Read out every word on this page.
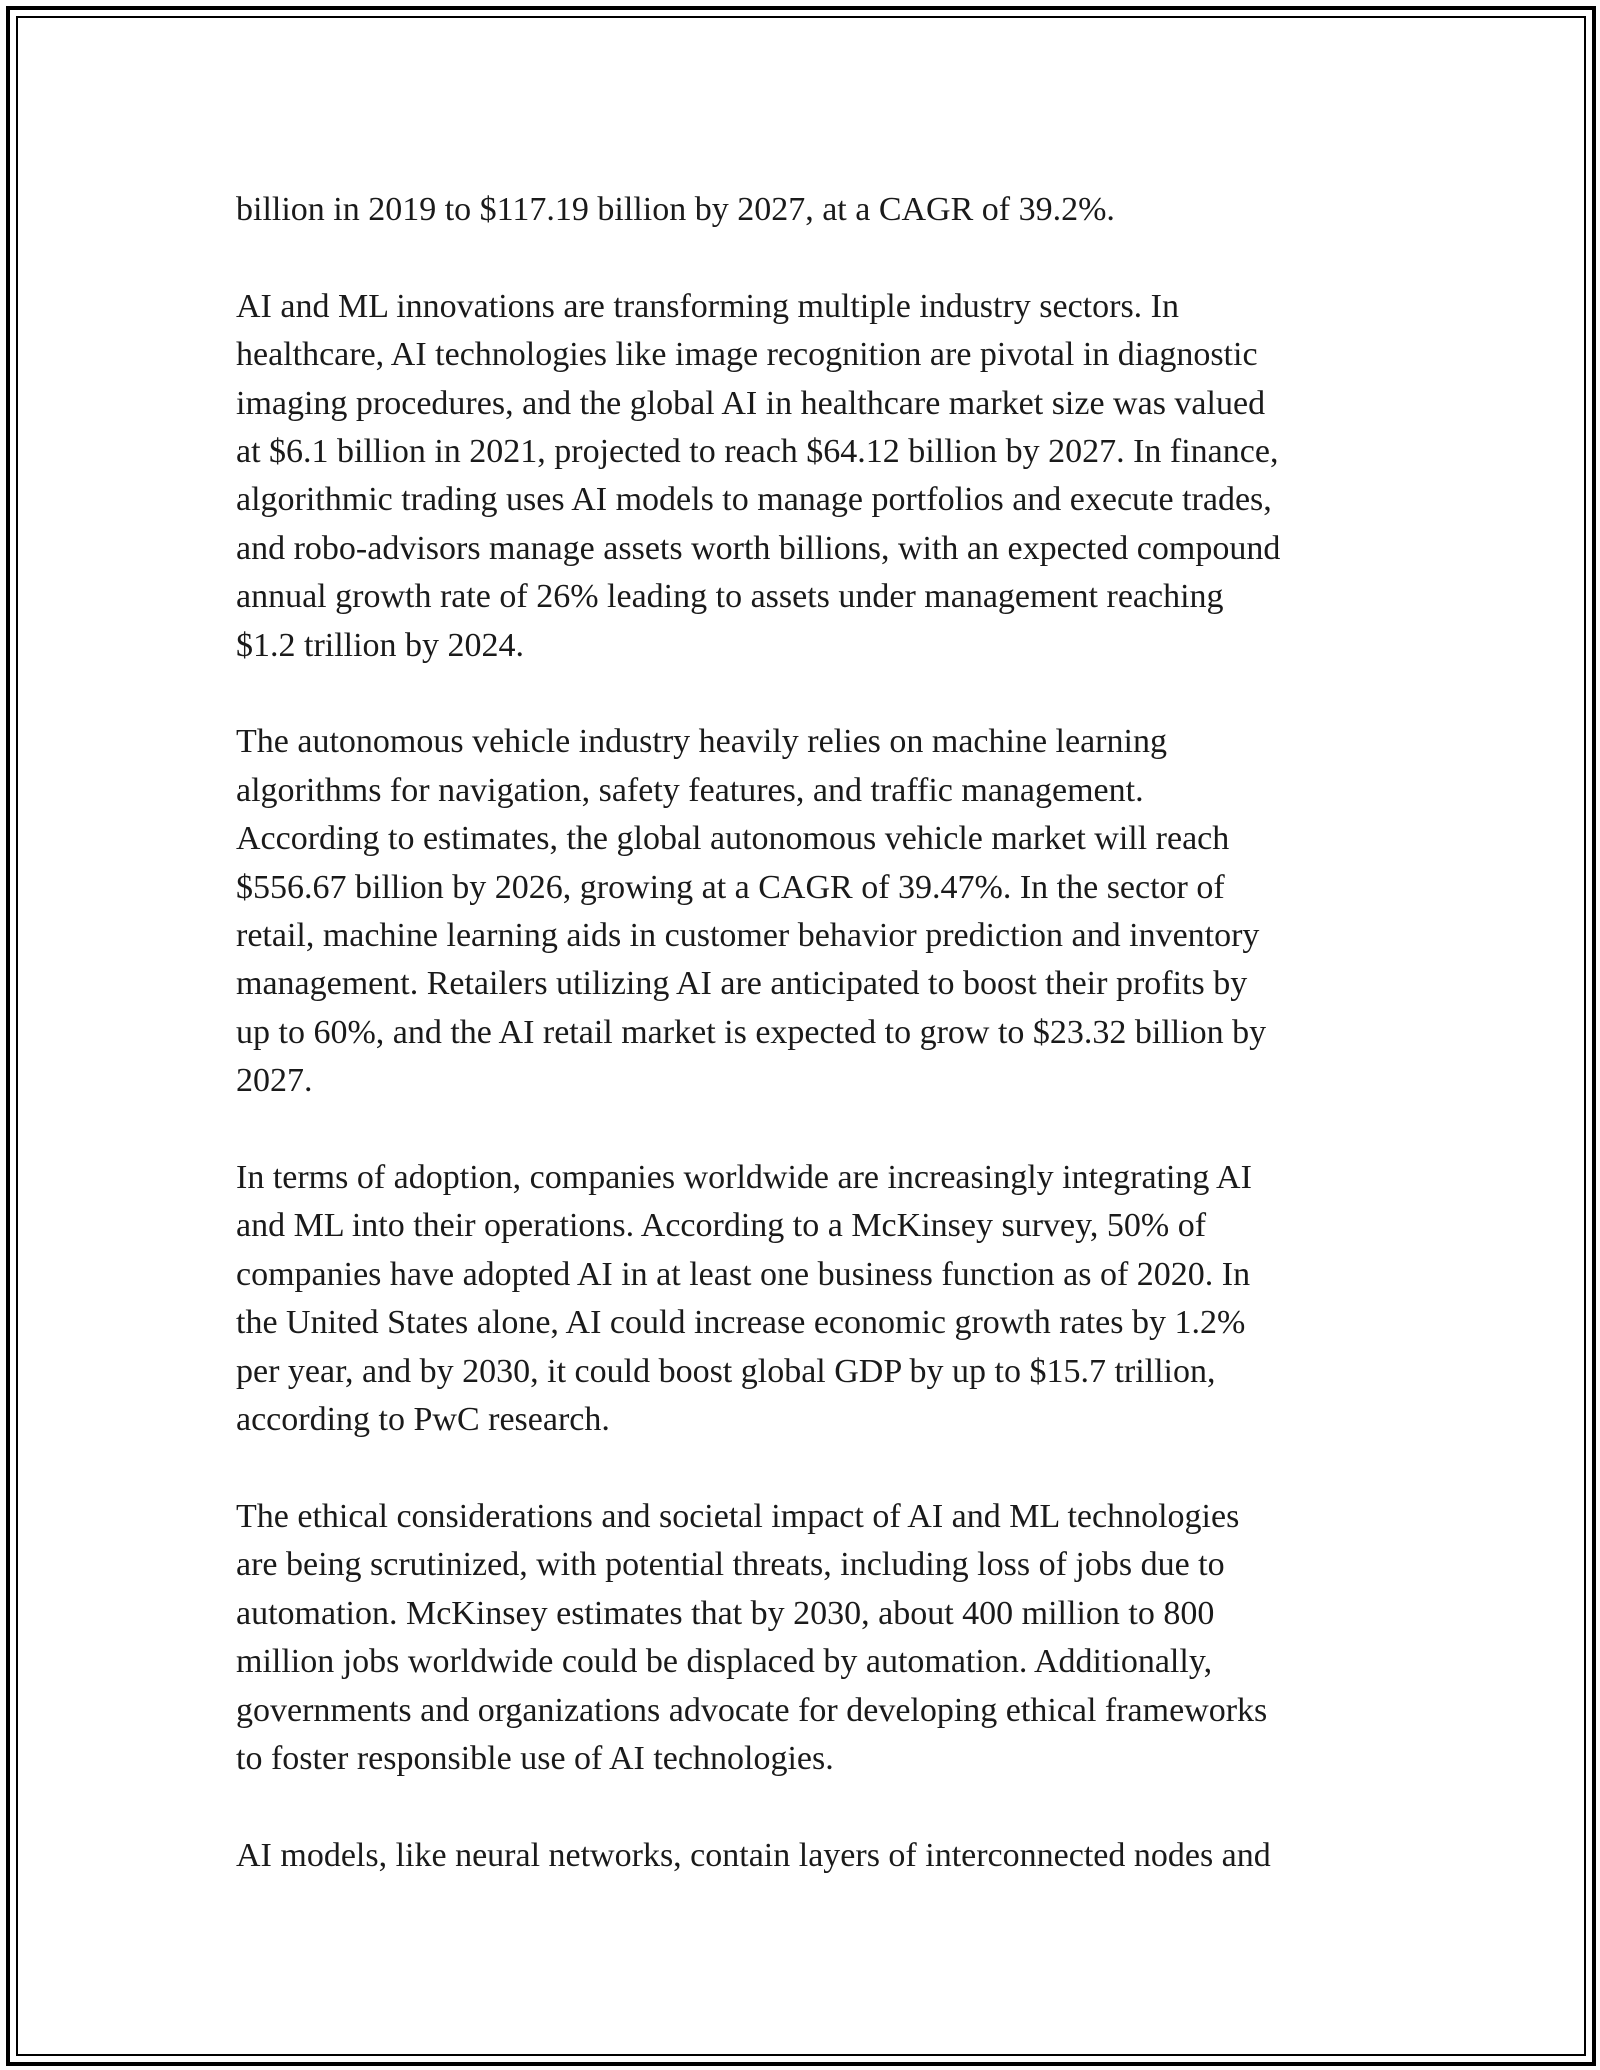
billion in 2019 to $117.19 billion by 2027, at a CAGR of 39.2%.

AI and ML innovations are transforming multiple industry sectors. In
healthcare, AI technologies like image recognition are pivotal in diagnostic
imaging procedures, and the global AI in healthcare market size was valued
at $6.1 billion in 2021, projected to reach $64.12 billion by 2027. In finance,
algorithmic trading uses AI models to manage portfolios and execute trades,
and robo-advisors manage assets worth billions, with an expected compound
annual growth rate of 26% leading to assets under management reaching
$1.2 trillion by 2024.

The autonomous vehicle industry heavily relies on machine learning
algorithms for navigation, safety features, and traffic management.
According to estimates, the global autonomous vehicle market will reach
$556.67 billion by 2026, growing at a CAGR of 39.47%. In the sector of
retail, machine learning aids in customer behavior prediction and inventory
management. Retailers utilizing AI are anticipated to boost their profits by
up to 60%, and the AI retail market is expected to grow to $23.32 billion by
2027.

In terms of adoption, companies worldwide are increasingly integrating AI
and ML into their operations. According to a McKinsey survey, 50% of
companies have adopted AI in at least one business function as of 2020. In
the United States alone, AI could increase economic growth rates by 1.2%
per year, and by 2030, it could boost global GDP by up to $15.7 trillion,
according to PwC research.

The ethical considerations and societal impact of AI and ML technologies
are being scrutinized, with potential threats, including loss of jobs due to
automation. McKinsey estimates that by 2030, about 400 million to 800
million jobs worldwide could be displaced by automation. Additionally,
governments and organizations advocate for developing ethical frameworks
to foster responsible use of AI technologies.

AI models, like neural networks, contain layers of interconnected nodes and
